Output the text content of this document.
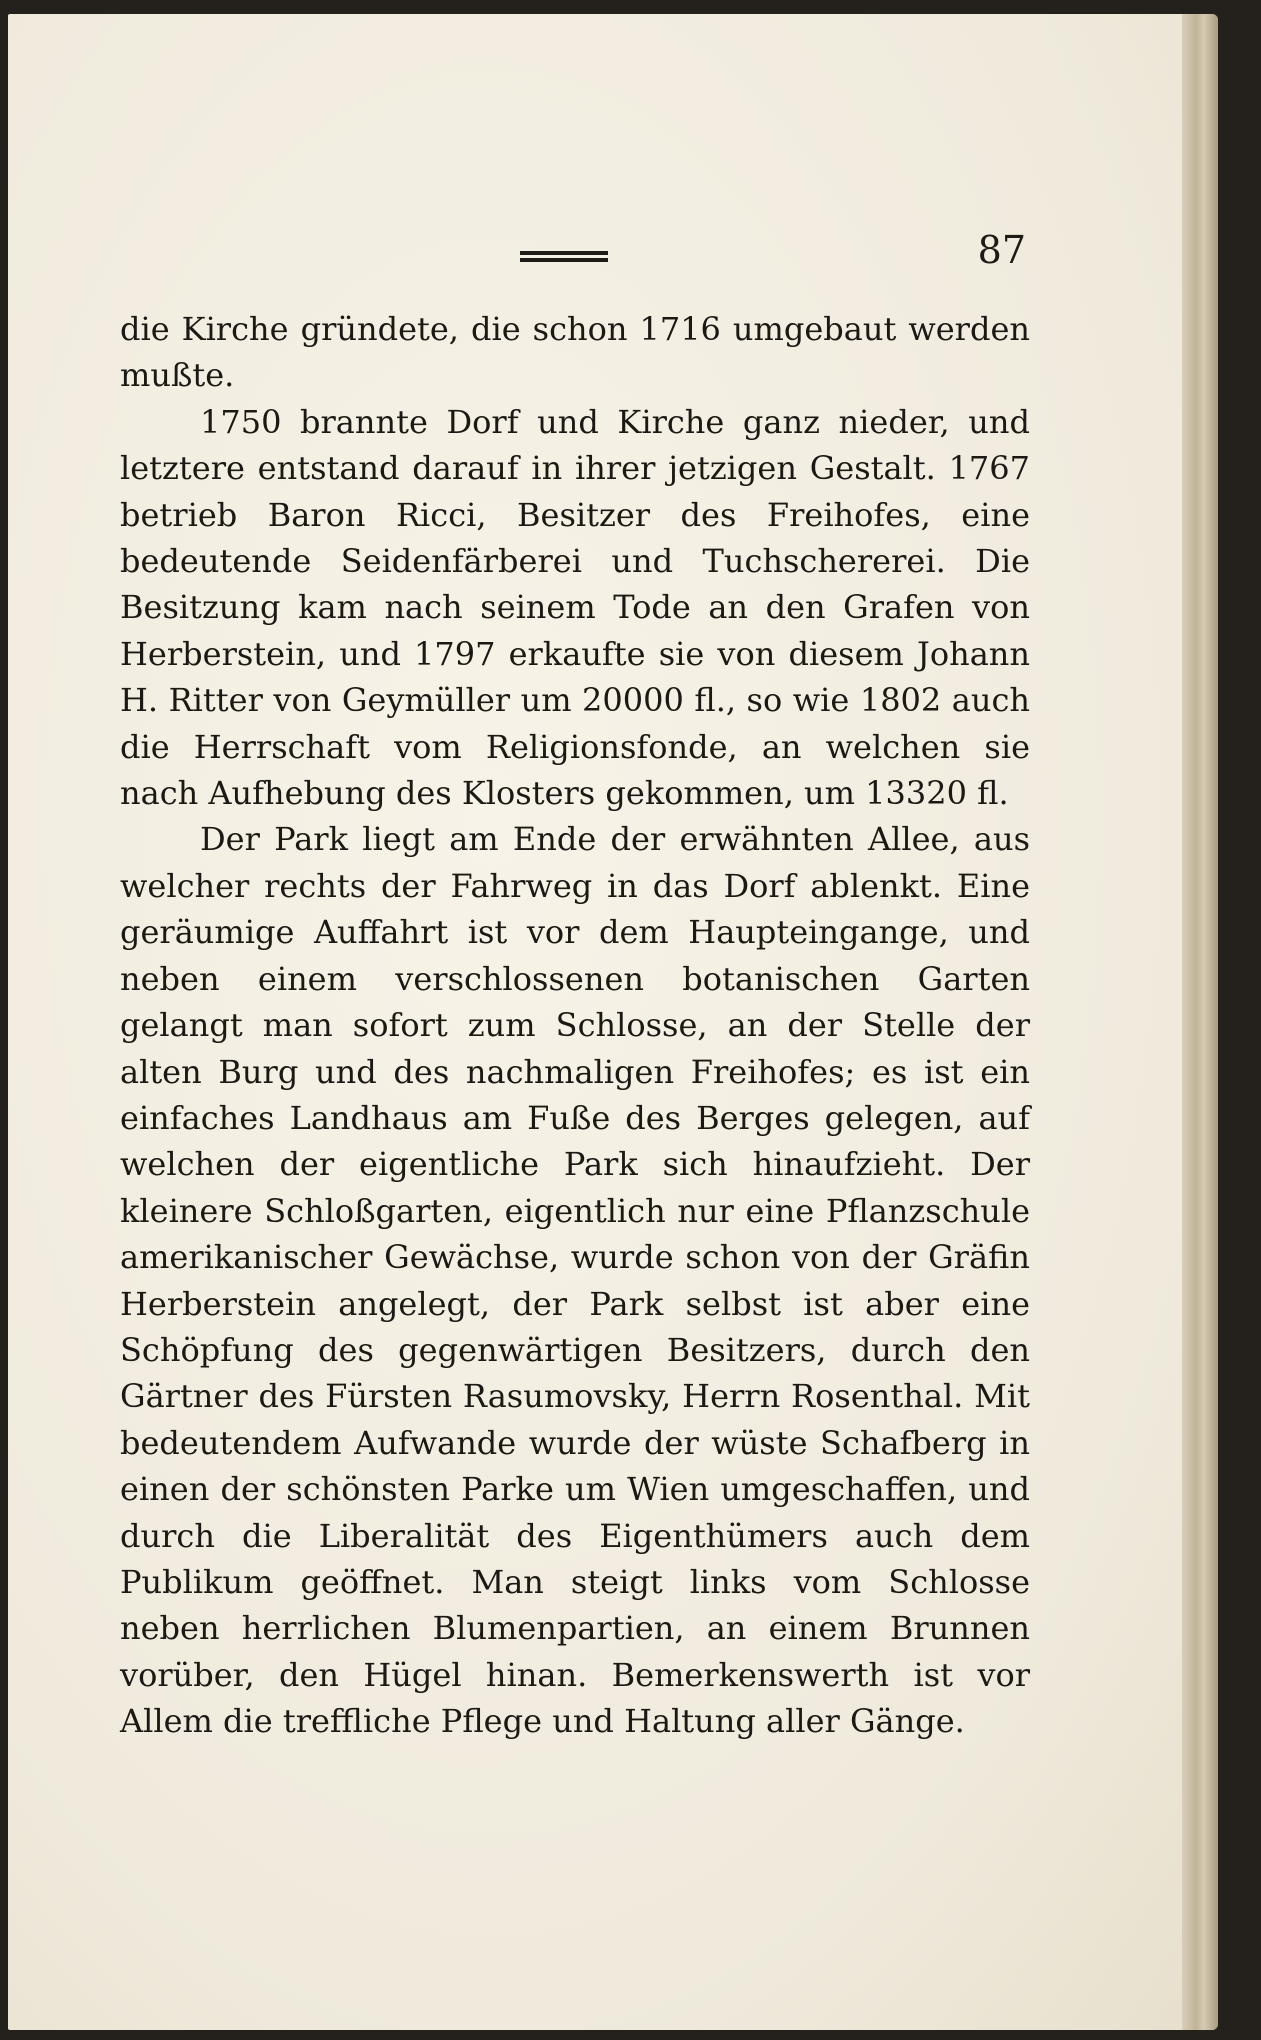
87

die Kirche gründete, die schon 1716 umgebaut werden mußte.

1750 brannte Dorf und Kirche ganz nieder, und letztere entstand darauf in ihrer jetzigen Gestalt. 1767 betrieb Baron Ricci, Besitzer des Freihofes, eine bedeutende Seidenfärberei und Tuchschererei. Die Besitzung kam nach seinem Tode an den Grafen von Herberstein, und 1797 erkaufte sie von diesem Johann H. Ritter von Geymüller um 20000 fl., so wie 1802 auch die Herrschaft vom Religionsfonde, an welchen sie nach Aufhebung des Klosters gekommen, um 13320 fl.

Der Park liegt am Ende der erwähnten Allee, aus welcher rechts der Fahrweg in das Dorf ablenkt. Eine geräumige Auffahrt ist vor dem Haupteingange, und neben einem verschlossenen botanischen Garten gelangt man sofort zum Schlosse, an der Stelle der alten Burg und des nachmaligen Freihofes; es ist ein einfaches Landhaus am Fuße des Berges gelegen, auf welchen der eigentliche Park sich hinaufzieht. Der kleinere Schloßgarten, eigentlich nur eine Pflanzschule amerikanischer Gewächse, wurde schon von der Gräfin Herberstein angelegt, der Park selbst ist aber eine Schöpfung des gegenwärtigen Besitzers, durch den Gärtner des Fürsten Rasumovsky, Herrn Rosenthal. Mit bedeutendem Aufwande wurde der wüste Schafberg in einen der schönsten Parke um Wien umgeschaffen, und durch die Liberalität des Eigenthümers auch dem Publikum geöffnet. Man steigt links vom Schlosse neben herrlichen Blumenpartien, an einem Brunnen vorüber, den Hügel hinan. Bemerkenswerth ist vor Allem die treffliche Pflege und Haltung aller Gänge.
